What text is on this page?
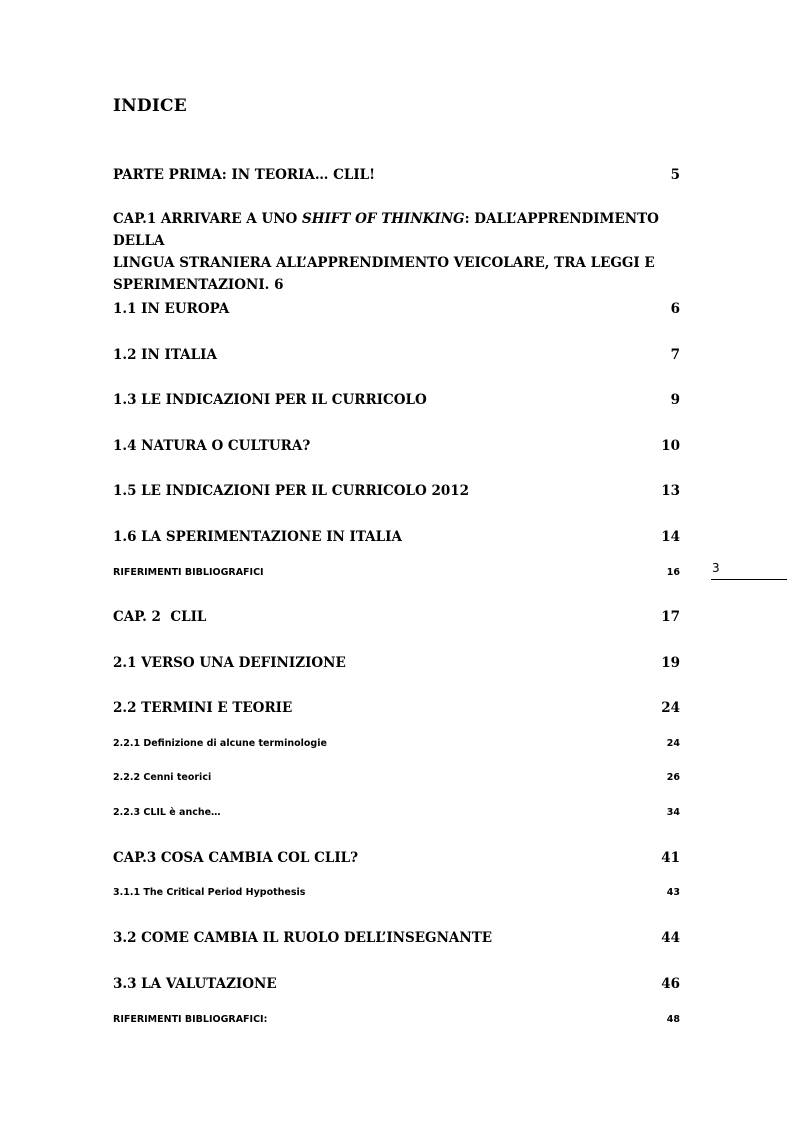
INDICE
PARTE PRIMA: IN TEORIA… CLIL!	5
CAP.1 ARRIVARE A UNO SHIFT OF THINKING: DALL’APPRENDIMENTO DELLA
LINGUA STRANIERA ALL’APPRENDIMENTO VEICOLARE, TRA LEGGI E
SPERIMENTAZIONI. 6
1.1 IN EUROPA	6
1.2 IN ITALIA	7
1.3 LE INDICAZIONI PER IL CURRICOLO	9
1.4 NATURA O CULTURA?	10
1.5 LE INDICAZIONI PER IL CURRICOLO 2012	13
1.6 LA SPERIMENTAZIONE IN ITALIA	14
RIFERIMENTI BIBLIOGRAFICI	16
CAP. 2  CLIL	17
2.1 VERSO UNA DEFINIZIONE	19
2.2 TERMINI E TEORIE	24
2.2.1 Definizione di alcune terminologie	24
2.2.2 Cenni teorici	26
2.2.3 CLIL è anche…	34
CAP.3 COSA CAMBIA COL CLIL?	41
3.1.1 The Critical Period Hypothesis	43
3.2 COME CAMBIA IL RUOLO DELL’INSEGNANTE	44
3.3 LA VALUTAZIONE	46
RIFERIMENTI BIBLIOGRAFICI:	48
3
